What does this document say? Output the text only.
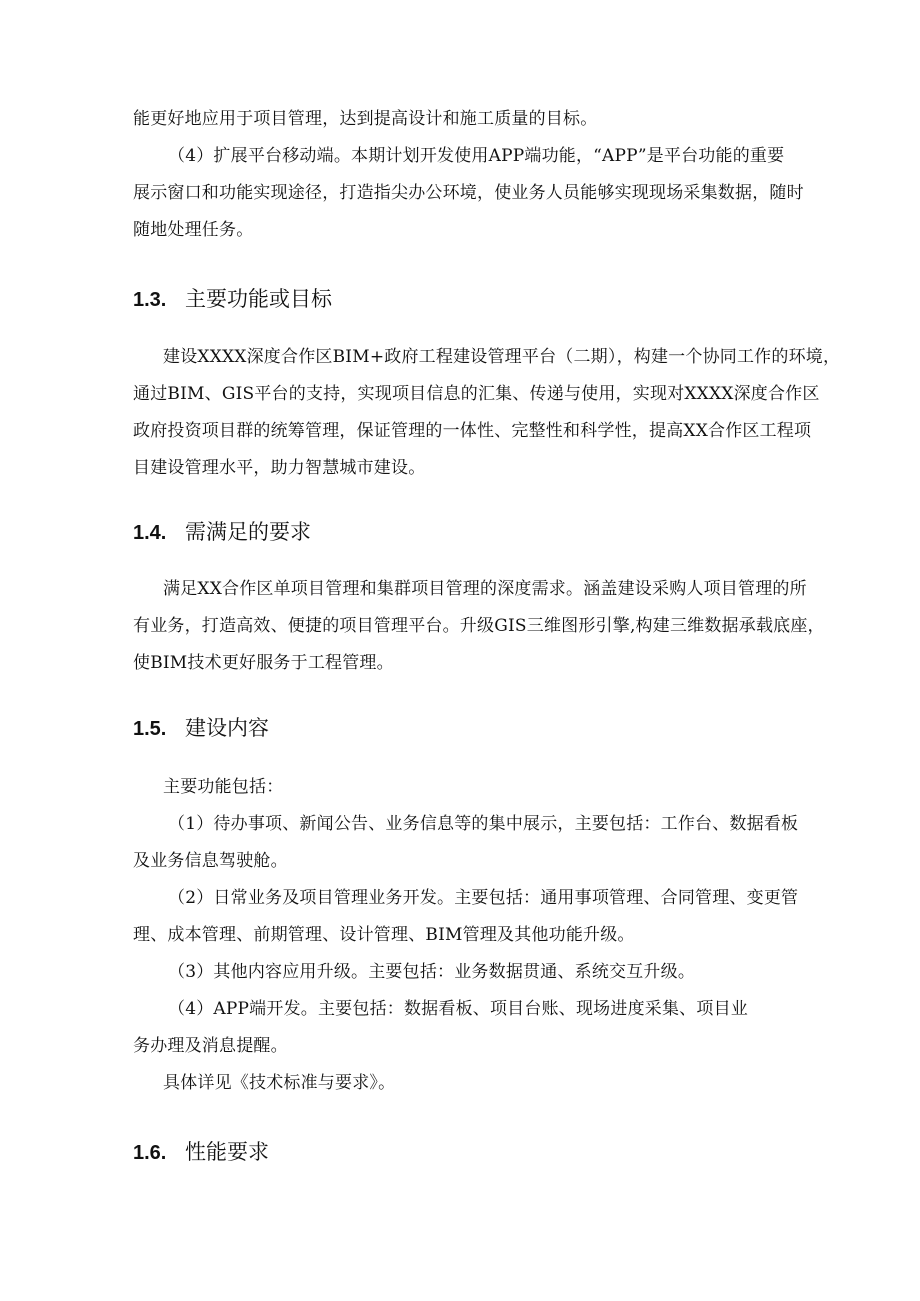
能更好地应用于项目管理，达到提高设计和施工质量的目标。
（4）扩展平台移动端。本期计划开发使用APP端功能，“APP”是平台功能的重要
展示窗口和功能实现途径，打造指尖办公环境，使业务人员能够实现现场采集数据，随时
随地处理任务。
1.3. 主要功能或目标
建设XXXX深度合作区BIM+政府工程建设管理平台（二期），构建一个协同工作的环境，
通过BIM、GIS平台的支持，实现项目信息的汇集、传递与使用，实现对XXXX深度合作区
政府投资项目群的统筹管理，保证管理的一体性、完整性和科学性，提高XX合作区工程项
目建设管理水平，助力智慧城市建设。
1.4. 需满足的要求
满足XX合作区单项目管理和集群项目管理的深度需求。涵盖建设采购人项目管理的所
有业务，打造高效、便捷的项目管理平台。升级GIS三维图形引擎,构建三维数据承载底座，
使BIM技术更好服务于工程管理。
1.5. 建设内容
主要功能包括：
（1）待办事项、新闻公告、业务信息等的集中展示，主要包括：工作台、数据看板
及业务信息驾驶舱。
（2）日常业务及项目管理业务开发。主要包括：通用事项管理、合同管理、变更管
理、成本管理、前期管理、设计管理、BIM管理及其他功能升级。
（3）其他内容应用升级。主要包括：业务数据贯通、系统交互升级。
（4）APP端开发。主要包括：数据看板、项目台账、现场进度采集、项目业
务办理及消息提醒。
具体详见《技术标准与要求》。
1.6. 性能要求
